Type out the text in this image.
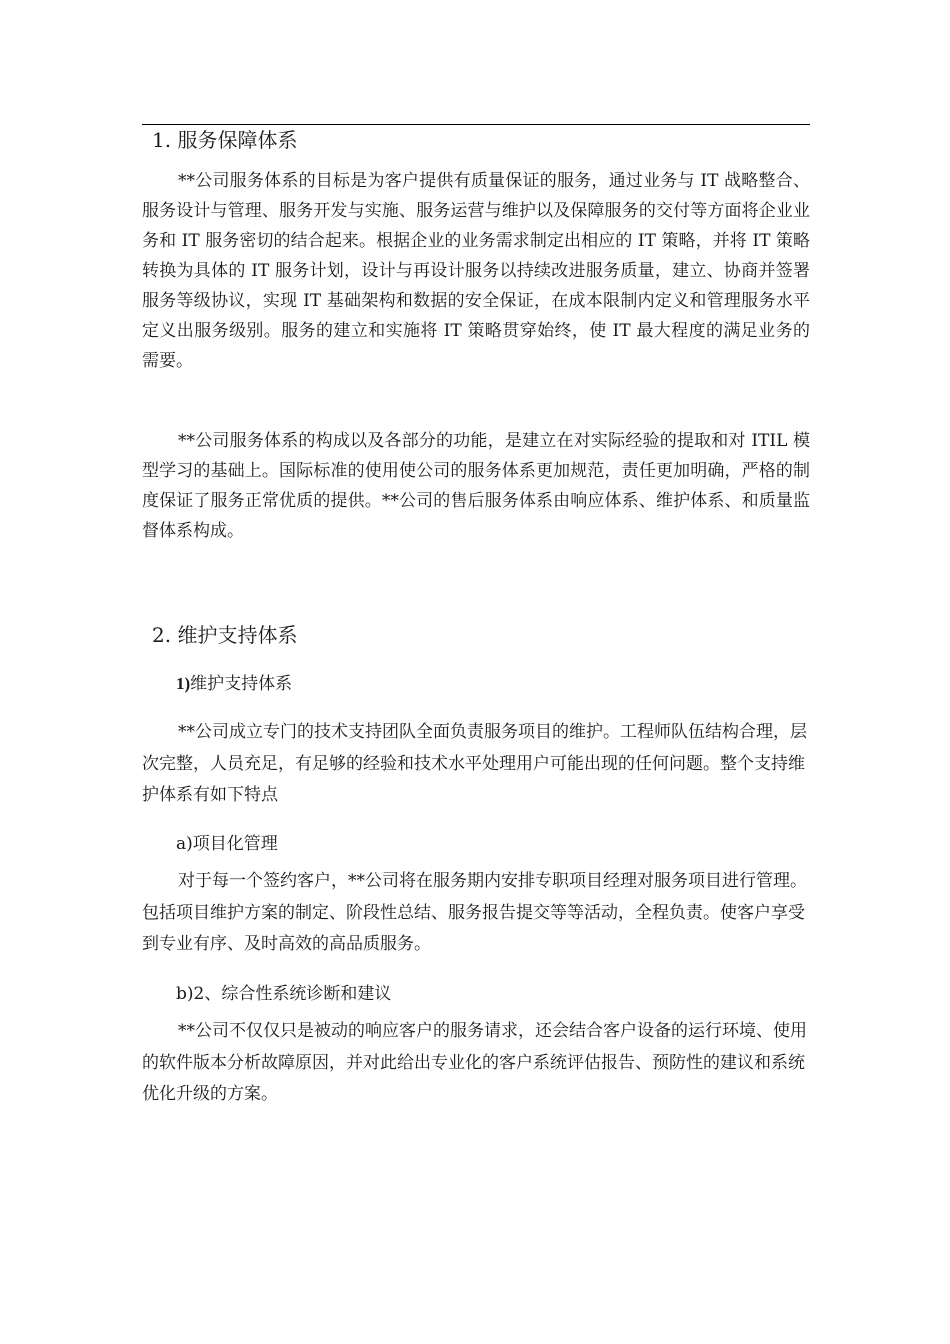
1. 服务保障体系

**公司服务体系的目标是为客户提供有质量保证的服务，通过业务与 IT 战略整合、服务设计与管理、服务开发与实施、服务运营与维护以及保障服务的交付等方面将企业业务和 IT 服务密切的结合起来。根据企业的业务需求制定出相应的 IT 策略，并将 IT 策略转换为具体的 IT 服务计划，设计与再设计服务以持续改进服务质量，建立、协商并签署服务等级协议，实现 IT 基础架构和数据的安全保证，在成本限制内定义和管理服务水平定义出服务级别。服务的建立和实施将 IT 策略贯穿始终，使 IT 最大程度的满足业务的需要。

**公司服务体系的构成以及各部分的功能，是建立在对实际经验的提取和对 ITIL 模型学习的基础上。国际标准的使用使公司的服务体系更加规范，责任更加明确，严格的制度保证了服务正常优质的提供。**公司的售后服务体系由响应体系、维护体系、和质量监督体系构成。

2. 维护支持体系
1)维护支持体系

**公司成立专门的技术支持团队全面负责服务项目的维护。工程师队伍结构合理，层次完整，人员充足，有足够的经验和技术水平处理用户可能出现的任何问题。整个支持维护体系有如下特点

a)项目化管理

对于每一个签约客户，**公司将在服务期内安排专职项目经理对服务项目进行管理。包括项目维护方案的制定、阶段性总结、服务报告提交等等活动，全程负责。使客户享受到专业有序、及时高效的高品质服务。

b)2、综合性系统诊断和建议

**公司不仅仅只是被动的响应客户的服务请求，还会结合客户设备的运行环境、使用的软件版本分析故障原因，并对此给出专业化的客户系统评估报告、预防性的建议和系统优化升级的方案。
